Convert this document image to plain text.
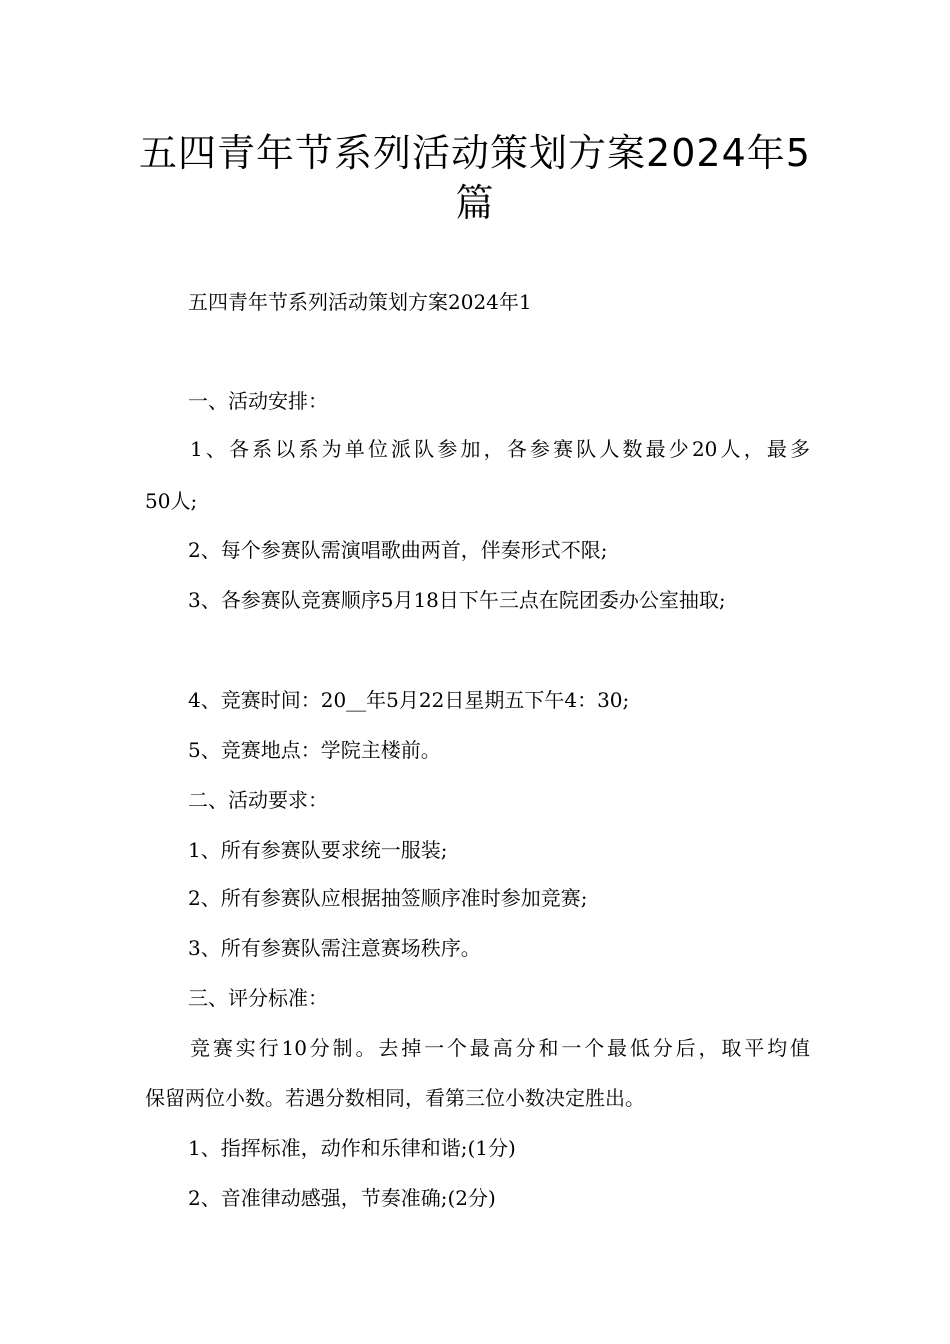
五四青年节系列活动策划方案2024年5
篇
五四青年节系列活动策划方案2024年1
一、活动安排：
1、各系以系为单位派队参加，各参赛队人数最少20人，最多
50人;
2、每个参赛队需演唱歌曲两首，伴奏形式不限;
3、各参赛队竞赛顺序5月18日下午三点在院团委办公室抽取;
4、竞赛时间：20__年5月22日星期五下午4：30;
5、竞赛地点：学院主楼前。
二、活动要求：
1、所有参赛队要求统一服装;
2、所有参赛队应根据抽签顺序准时参加竞赛;
3、所有参赛队需注意赛场秩序。
三、评分标准：
竞赛实行10分制。去掉一个最高分和一个最低分后，取平均值
保留两位小数。若遇分数相同，看第三位小数决定胜出。
1、指挥标准，动作和乐律和谐;(1分)
2、音准律动感强，节奏准确;(2分)
